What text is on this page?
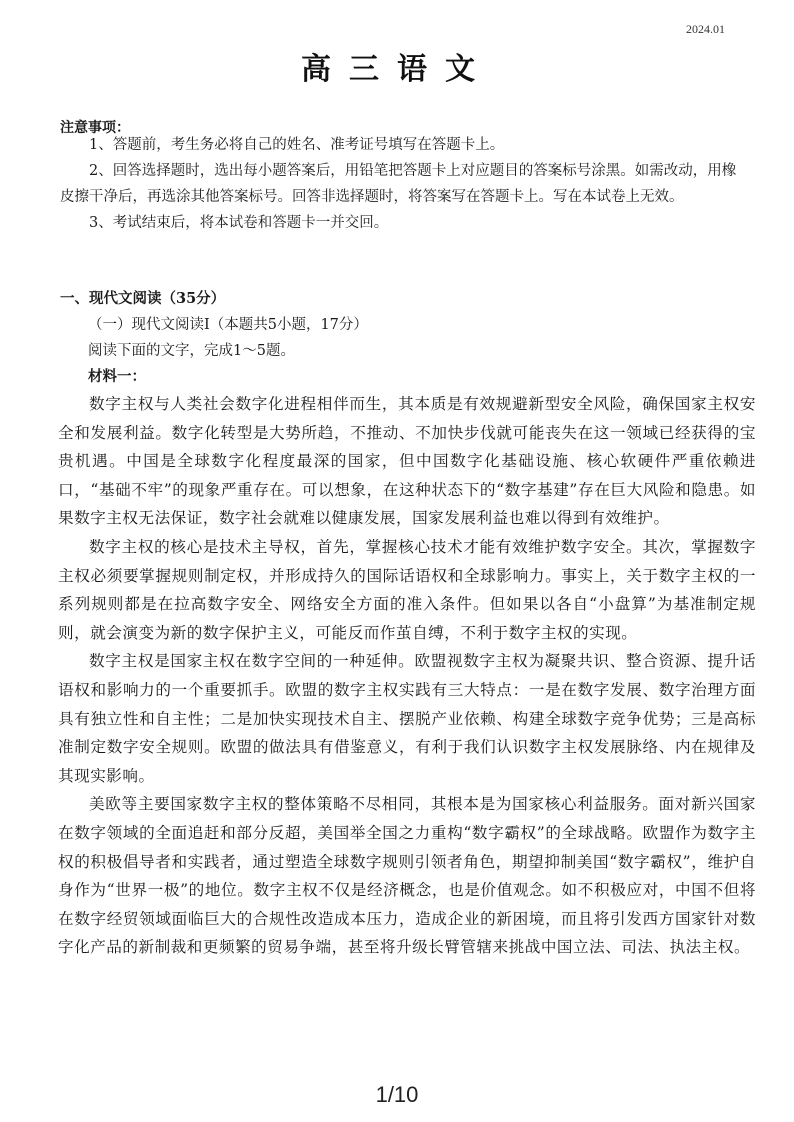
2024.01
高三语文
注意事项：

1、答题前，考生务必将自己的姓名、准考证号填写在答题卡上。

2、回答选择题时，选出每小题答案后，用铅笔把答题卡上对应题目的答案标号涂黑。如需改动，用橡皮擦干净后，再选涂其他答案标号。回答非选择题时，将答案写在答题卡上。写在本试卷上无效。

3、考试结束后，将本试卷和答题卡一并交回。

一、现代文阅读（35分）
（一）现代文阅读Ⅰ（本题共5小题，17分）
阅读下面的文字，完成1～5题。
材料一：

数字主权与人类社会数字化进程相伴而生，其本质是有效规避新型安全风险，确保国家主权安全和发展利益。数字化转型是大势所趋，不推动、不加快步伐就可能丧失在这一领域已经获得的宝贵机遇。中国是全球数字化程度最深的国家，但中国数字化基础设施、核心软硬件严重依赖进口，“基础不牢”的现象严重存在。可以想象，在这种状态下的“数字基建”存在巨大风险和隐患。如果数字主权无法保证，数字社会就难以健康发展，国家发展利益也难以得到有效维护。

数字主权的核心是技术主导权，首先，掌握核心技术才能有效维护数字安全。其次，掌握数字主权必须要掌握规则制定权，并形成持久的国际话语权和全球影响力。事实上，关于数字主权的一系列规则都是在拉高数字安全、网络安全方面的准入条件。但如果以各自“小盘算”为基准制定规则，就会演变为新的数字保护主义，可能反而作茧自缚，不利于数字主权的实现。

数字主权是国家主权在数字空间的一种延伸。欧盟视数字主权为凝聚共识、整合资源、提升话语权和影响力的一个重要抓手。欧盟的数字主权实践有三大特点：一是在数字发展、数字治理方面具有独立性和自主性；二是加快实现技术自主、摆脱产业依赖、构建全球数字竞争优势；三是高标准制定数字安全规则。欧盟的做法具有借鉴意义，有利于我们认识数字主权发展脉络、内在规律及其现实影响。

美欧等主要国家数字主权的整体策略不尽相同，其根本是为国家核心利益服务。面对新兴国家在数字领域的全面追赶和部分反超，美国举全国之力重构“数字霸权”的全球战略。欧盟作为数字主权的积极倡导者和实践者，通过塑造全球数字规则引领者角色，期望抑制美国“数字霸权”，维护自身作为“世界一极”的地位。数字主权不仅是经济概念，也是价值观念。如不积极应对，中国不但将在数字经贸领域面临巨大的合规性改造成本压力，造成企业的新困境，而且将引发西方国家针对数字化产品的新制裁和更频繁的贸易争端，甚至将升级长臂管辖来挑战中国立法、司法、执法主权。

1/10
